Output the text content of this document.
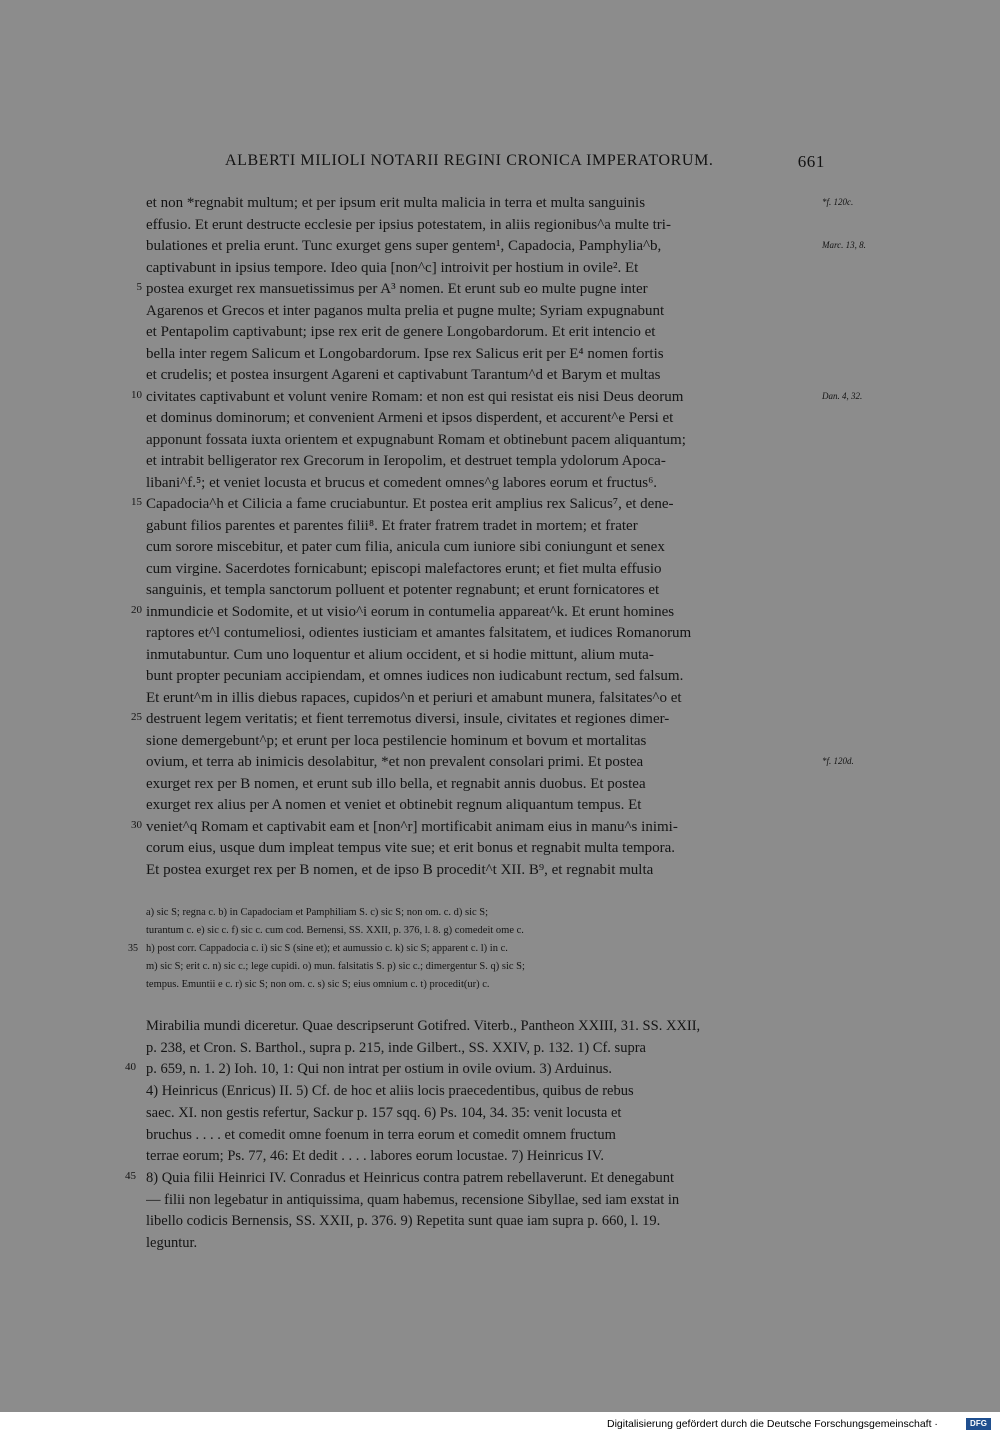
ALBERTI MILIOLI NOTARII REGINI CRONICA IMPERATORUM.	661
et non *regnabit multum; et per ipsum erit multa malicia in terra et multa sanguinis
effusio. Et erunt destructe ecclesie per ipsius potestatem, in aliis regionibus^a multe tri-
bulationes et prelia erunt. Tunc exurget gens super gentem¹, Capadocia, Pamphylia^b,
captivabunt in ipsius tempore. Ideo quia [non^c] introivit per hostium in ovile². Et
5 postea exurget rex mansuetissimus per A³ nomen. Et erunt sub eo multe pugne inter
Agarenos et Grecos et inter paganos multa prelia et pugne multe; Syriam expugnabunt
et Pentapolim captivabunt; ipse rex erit de genere Longobardorum. Et erit intencio et
bella inter regem Salicum et Longobardorum. Ipse rex Salicus erit per E⁴ nomen fortis
et crudelis; et postea insurgent Agareni et captivabunt Tarantum^d et Barym et multas
10 civitates captivabunt et volunt venire Romam: et non est qui resistat eis nisi Deus deorum
et dominus dominorum; et convenient Armeni et ipsos disperdent, et accurent^e Persi et
apponunt fossata iuxta orientem et expugnabunt Romam et obtinebunt pacem aliquantum;
et intrabit belligerator rex Grecorum in Ieropolim, et destruet templa ydolorum Apoca-
libani^f.⁵; et veniet locusta et brucus et comedent omnes^g labores eorum et fructus⁶.
15 Capadocia^h et Cilicia a fame cruciabuntur. Et postea erit amplius rex Salicus⁷, et dene-
gabunt filios parentes et parentes filii⁸. Et frater fratrem tradet in mortem; et frater
cum sorore miscebitur, et pater cum filia, anicula cum iuniore sibi coniungunt et senex
cum virgine. Sacerdotes fornicabunt; episcopi malefactores erunt; et fiet multa effusio
sanguinis, et templa sanctorum polluent et potenter regnabunt; et erunt fornicatores et
20 inmundicie et Sodomite, et ut visio^i eorum in contumelia appareat^k. Et erunt homines
raptores et^l contumeliosi, odientes iusticiam et amantes falsitatem, et iudices Romanorum
inmutabuntur. Cum uno loquentur et alium occident, et si hodie mittunt, alium muta-
bunt propter pecuniam accipiendam, et omnes iudices non iudicabunt rectum, sed falsum.
Et erunt^m in illis diebus rapaces, cupidos^n et periuri et amabunt munera, falsitates^o et
25 destruent legem veritatis; et fient terremotus diversi, insule, civitates et regiones dimer-
sione demergebunt^p; et erunt per loca pestilencie hominum et bovum et mortalitas
ovium, et terra ab inimicis desolabitur, *et non prevalent consolari primi. Et postea
exurget rex per B nomen, et erunt sub illo bella, et regnabit annis duobus. Et postea
exurget rex alius per A nomen et veniet et obtinebit regnum aliquantum tempus. Et
30 veniet^q Romam et captivabit eam et [non^r] mortificabit animam eius in manu^s inimi-
corum eius, usque dum impleat tempus vite sue; et erit bonus et regnabit multa tempora.
Et postea exurget rex per B nomen, et de ipso B procedit^t XII. B⁹, et regnabit multa
*f. 120c.
Marc. 13, 8.
Dan. 4, 32.
*f. 120d.
a) sic S; regna c. b) in Capadociam et Pamphiliam S. c) sic S; non om. c. d) sic S;
turantum c. e) sic c. f) sic c. cum cod. Bernensi, SS. XXII, p. 376, l. 8. g) comedeit ome c.
35 h) post corr. Cappadocia c. i) sic S (sine et); et aumussio c. k) sic S; apparent c. l) in c.
m) sic S; erit c. n) sic c.; lege cupidi. o) mun. falsitatis S. p) sic c.; dimergentur S. q) sic S;
tempus. Emuntii e c. r) sic S; non om. c. s) sic S; eius omnium c. t) procedit(ur) c.
Mirabilia mundi diceretur. Quae descripserunt Gotifred. Viterb., Pantheon XXIII, 31. SS. XXII,
p. 238, et Cron. S. Barthol., supra p. 215, inde Gilbert., SS. XXIV, p. 132. 1) Cf. supra
40 p. 659, n. 1. 2) Ioh. 10, 1: Qui non intrat per ostium in ovile ovium. 3) Arduinus.
4) Heinricus (Enricus) II. 5) Cf. de hoc et aliis locis praecedentibus, quibus de rebus
saec. XI. non gestis refertur, Sackur p. 157 sqq. 6) Ps. 104, 34. 35: venit locusta et
bruchus . . . . et comedit omne foenum in terra eorum et comedit omnem fructum
terrae eorum; Ps. 77, 46: Et dedit . . . . labores eorum locustae. 7) Heinricus IV.
45 8) Quia filii Heinrici IV. Conradus et Heinricus contra patrem rebellaverunt. Et denegabunt
— filii non legebatur in antiquissima, quam habemus, recensione Sibyllae, sed iam exstat in
libello codicis Bernensis, SS. XXII, p. 376. 9) Repetita sunt quae iam supra p. 660, l. 19.
leguntur.
Digitalisierung gefördert durch die Deutsche Forschungsgemeinschaft ·	DFG
